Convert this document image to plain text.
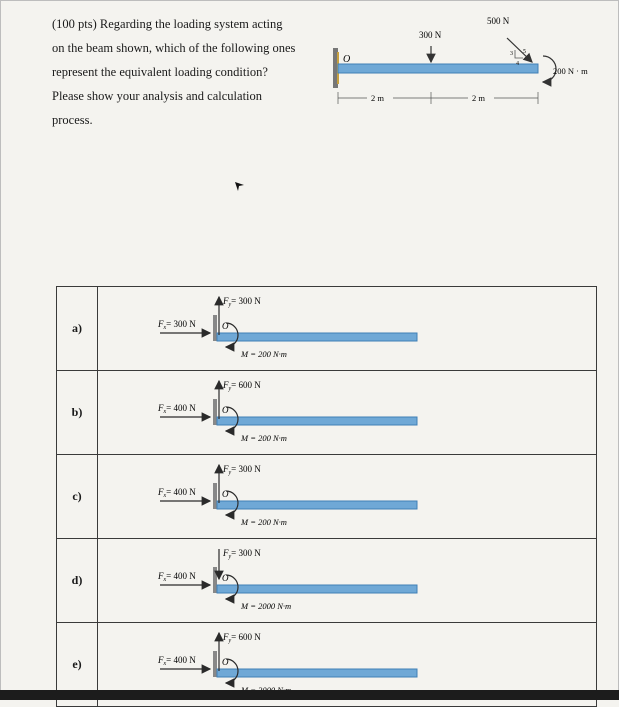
(100 pts) Regarding the loading system acting

on the beam shown, which of the following ones

represent the equivalent loading condition?

Please show your analysis and calculation

process.

O
300 N
500 N
3
4
5
200 N · m
2 m	2 m
a)	O
$F_x= 300$ N
$F_y= 300$ N
M = 200 N·m

b)	O
$F_x= 400$ N
$F_y= 600$ N
M = 200 N·m

c)	O
$F_x= 400$ N
$F_y= 300$ N
M = 200 N·m

d)	O
$F_x= 400$ N
$F_y= 300$ N
M = 2000 N·m

e)	O
$F_x= 400$ N
$F_y= 600$ N
